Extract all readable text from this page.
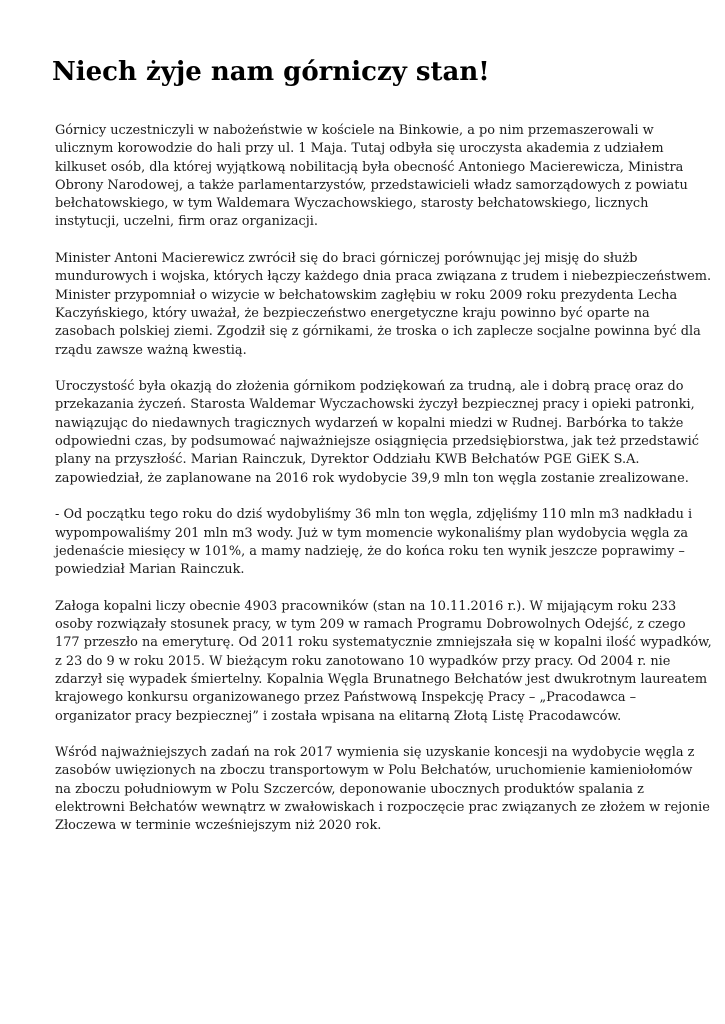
Niech żyje nam górniczy stan!

Górnicy uczestniczyli w nabożeństwie w kościele na Binkowie, a po nim przemaszerowali w
ulicznym korowodzie do hali przy ul. 1 Maja. Tutaj odbyła się uroczysta akademia z udziałem
kilkuset osób, dla której wyjątkową nobilitacją była obecność Antoniego Macierewicza, Ministra
Obrony Narodowej, a także parlamentarzystów, przedstawicieli władz samorządowych z powiatu
bełchatowskiego, w tym Waldemara Wyczachowskiego, starosty bełchatowskiego, licznych
instytucji, uczelni, firm oraz organizacji.

Minister Antoni Macierewicz zwrócił się do braci górniczej porównując jej misję do służb
mundurowych i wojska, których łączy każdego dnia praca związana z trudem i niebezpieczeństwem.
Minister przypomniał o wizycie w bełchatowskim zagłębiu w roku 2009 roku prezydenta Lecha
Kaczyńskiego, który uważał, że bezpieczeństwo energetyczne kraju powinno być oparte na
zasobach polskiej ziemi. Zgodził się z górnikami, że troska o ich zaplecze socjalne powinna być dla
rządu zawsze ważną kwestią.

Uroczystość była okazją do złożenia górnikom podziękowań za trudną, ale i dobrą pracę oraz do
przekazania życzeń. Starosta Waldemar Wyczachowski życzył bezpiecznej pracy i opieki patronki,
nawiązując do niedawnych tragicznych wydarzeń w kopalni miedzi w Rudnej. Barbórka to także
odpowiedni czas, by podsumować najważniejsze osiągnięcia przedsiębiorstwa, jak też przedstawić
plany na przyszłość. Marian Rainczuk, Dyrektor Oddziału KWB Bełchatów PGE GiEK S.A.
zapowiedział, że zaplanowane na 2016 rok wydobycie 39,9 mln ton węgla zostanie zrealizowane.

- Od początku tego roku do dziś wydobyliśmy 36 mln ton węgla, zdjęliśmy 110 mln m3 nadkładu i
wypompowaliśmy 201 mln m3 wody. Już w tym momencie wykonaliśmy plan wydobycia węgla za
jedenaście miesięcy w 101%, a mamy nadzieję, że do końca roku ten wynik jeszcze poprawimy –
powiedział Marian Rainczuk.

Załoga kopalni liczy obecnie 4903 pracowników (stan na 10.11.2016 r.). W mijającym roku 233
osoby rozwiązały stosunek pracy, w tym 209 w ramach Programu Dobrowolnych Odejść, z czego
177 przeszło na emeryturę. Od 2011 roku systematycznie zmniejszała się w kopalni ilość wypadków,
z 23 do 9 w roku 2015. W bieżącym roku zanotowano 10 wypadków przy pracy. Od 2004 r. nie
zdarzył się wypadek śmiertelny. Kopalnia Węgla Brunatnego Bełchatów jest dwukrotnym laureatem
krajowego konkursu organizowanego przez Państwową Inspekcję Pracy – „Pracodawca –
organizator pracy bezpiecznej” i została wpisana na elitarną Złotą Listę Pracodawców.

Wśród najważniejszych zadań na rok 2017 wymienia się uzyskanie koncesji na wydobycie węgla z
zasobów uwięzionych na zboczu transportowym w Polu Bełchatów, uruchomienie kamieniołomów
na zboczu południowym w Polu Szczerców, deponowanie ubocznych produktów spalania z
elektrowni Bełchatów wewnątrz w zwałowiskach i rozpoczęcie prac związanych ze złożem w rejonie
Złoczewa w terminie wcześniejszym niż 2020 rok.
